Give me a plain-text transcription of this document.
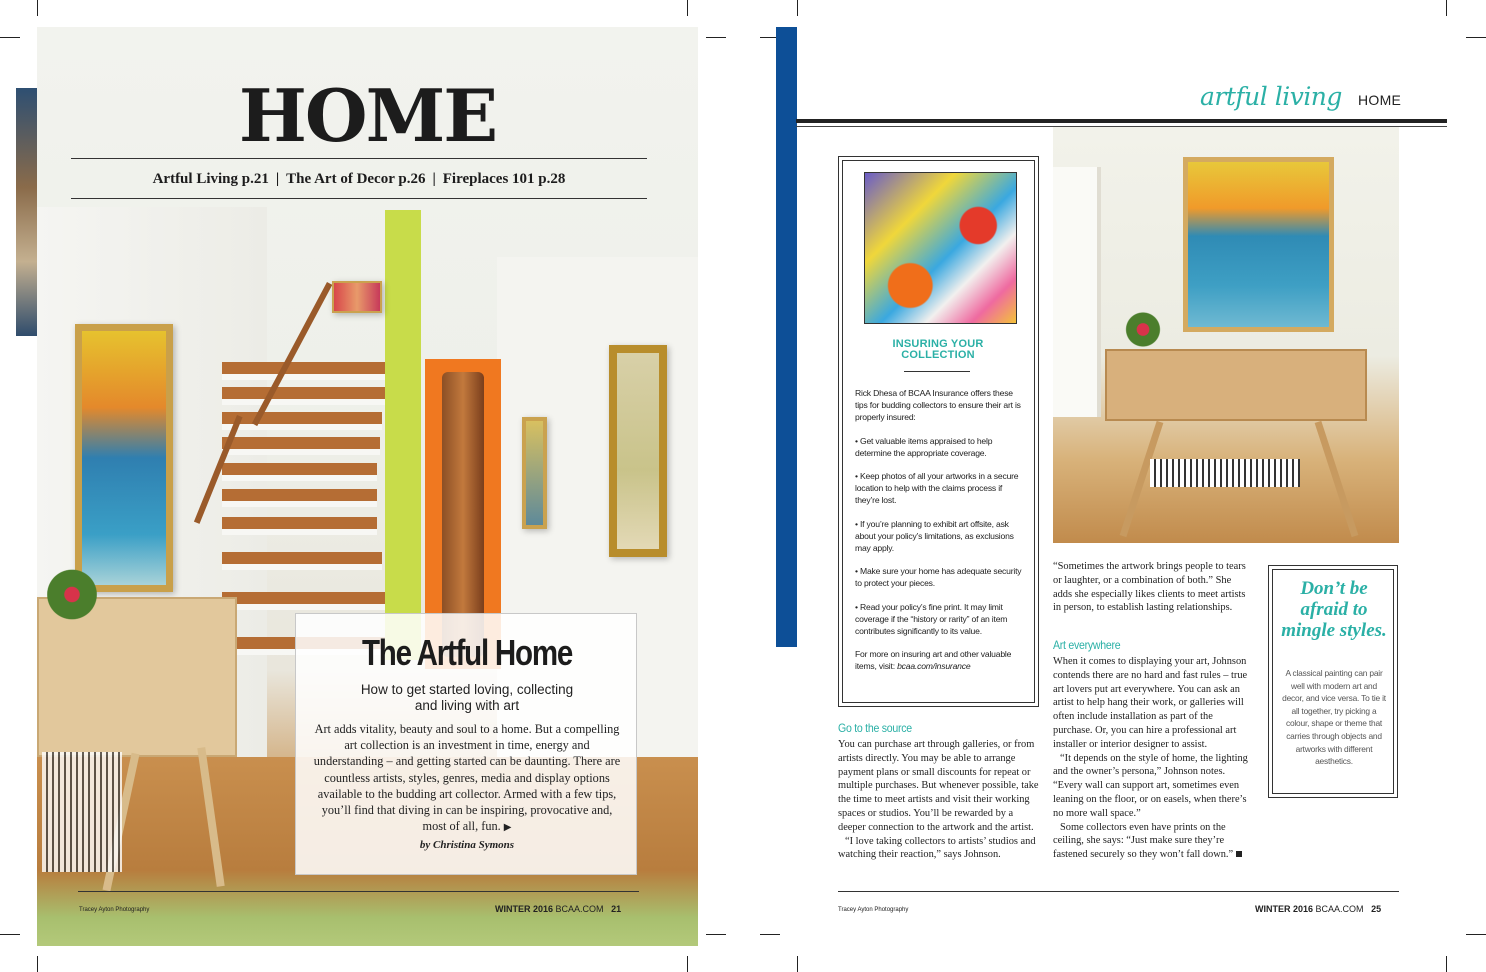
HOME
Artful Living p.21 | The Art of Decor p.26 | Fireplaces 101 p.28
The Artful Home

How to get started loving, collecting and living with art

Art adds vitality, beauty and soul to a home. But a compelling art collection is an investment in time, energy and understanding – and getting started can be daunting. There are countless artists, styles, genres, media and display options available to the budding art collector. Armed with a few tips, you’ll find that diving in can be inspiring, provocative and, most of all, fun. ▶

by Christina Symons

Tracey Ayton Photography	WINTER 2016 BCAA.COM 21
artful living HOME
INSURING YOUR COLLECTION

Rick Dhesa of BCAA Insurance offers these tips for budding collectors to ensure their art is properly insured:

• Get valuable items appraised to help determine the appropriate coverage.

• Keep photos of all your artworks in a secure location to help with the claims process if they’re lost.

• If you’re planning to exhibit art offsite, ask about your policy’s limitations, as exclusions may apply.

• Make sure your home has adequate security to protect your pieces.

• Read your policy’s fine print. It may limit coverage if the “history or rarity” of an item contributes significantly to its value.

For more on insuring art and other valuable items, visit: bcaa.com/insurance

Go to the source

You can purchase art through galleries, or from artists directly. You may be able to arrange payment plans or small discounts for repeat or multiple purchases. But whenever possible, take the time to meet artists and visit their working spaces or studios. You’ll be rewarded by a deeper connection to the artwork and the artist.

“I love taking collectors to artists’ studios and watching their reaction,” says Johnson.

“Sometimes the artwork brings people to tears or laughter, or a combination of both.” She adds she especially likes clients to meet artists in person, to establish lasting relationships.

Art everywhere

When it comes to displaying your art, Johnson contends there are no hard and fast rules – true art lovers put art everywhere. You can ask an artist to help hang their work, or galleries will often include installation as part of the purchase. Or, you can hire a professional art installer or interior designer to assist.

“It depends on the style of home, the lighting and the owner’s persona,” Johnson notes. “Every wall can support art, sometimes even leaning on the floor, or on easels, when there’s no more wall space.”

Some collectors even have prints on the ceiling, she says: “Just make sure they’re fastened securely so they won’t fall down.”

Don’t be afraid to mingle styles.
A classical painting can pair well with modern art and decor, and vice versa. To tie it all together, try picking a colour, shape or theme that carries through objects and artworks with different aesthetics.
Tracey Ayton Photography	WINTER 2016 BCAA.COM 25
